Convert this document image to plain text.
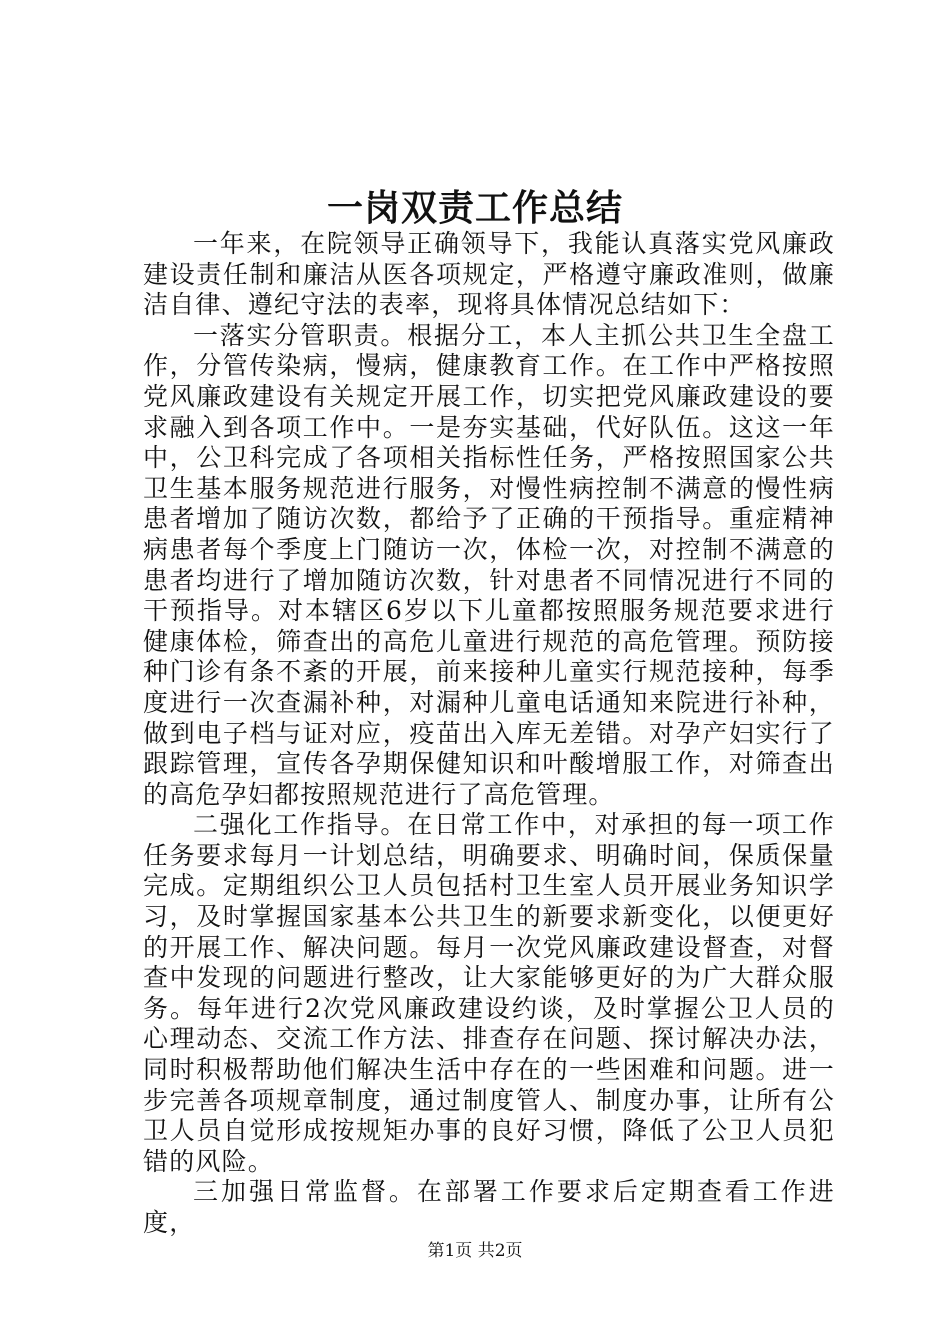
一岗双责工作总结

一年来，在院领导正确领导下，我能认真落实党风廉政建设责任制和廉洁从医各项规定，严格遵守廉政准则，做廉洁自律、遵纪守法的表率，现将具体情况总结如下：

一落实分管职责。根据分工，本人主抓公共卫生全盘工作，分管传染病，慢病，健康教育工作。在工作中严格按照党风廉政建设有关规定开展工作，切实把党风廉政建设的要求融入到各项工作中。一是夯实基础，代好队伍。这这一年中，公卫科完成了各项相关指标性任务，严格按照国家公共卫生基本服务规范进行服务，对慢性病控制不满意的慢性病患者增加了随访次数，都给予了正确的干预指导。重症精神病患者每个季度上门随访一次，体检一次，对控制不满意的患者均进行了增加随访次数，针对患者不同情况进行不同的干预指导。对本辖区6岁以下儿童都按照服务规范要求进行健康体检，筛查出的高危儿童进行规范的高危管理。预防接种门诊有条不紊的开展，前来接种儿童实行规范接种，每季度进行一次查漏补种，对漏种儿童电话通知来院进行补种，做到电子档与证对应，疫苗出入库无差错。对孕产妇实行了跟踪管理，宣传各孕期保健知识和叶酸增服工作，对筛查出的高危孕妇都按照规范进行了高危管理。

二强化工作指导。在日常工作中，对承担的每一项工作任务要求每月一计划总结，明确要求、明确时间，保质保量完成。定期组织公卫人员包括村卫生室人员开展业务知识学习，及时掌握国家基本公共卫生的新要求新变化，以便更好的开展工作、解决问题。每月一次党风廉政建设督查，对督查中发现的问题进行整改，让大家能够更好的为广大群众服务。每年进行2次党风廉政建设约谈，及时掌握公卫人员的心理动态、交流工作方法、排查存在问题、探讨解决办法，同时积极帮助他们解决生活中存在的一些困难和问题。进一步完善各项规章制度，通过制度管人、制度办事，让所有公卫人员自觉形成按规矩办事的良好习惯，降低了公卫人员犯错的风险。

三加强日常监督。在部署工作要求后定期查看工作进度，

第1页 共2页
